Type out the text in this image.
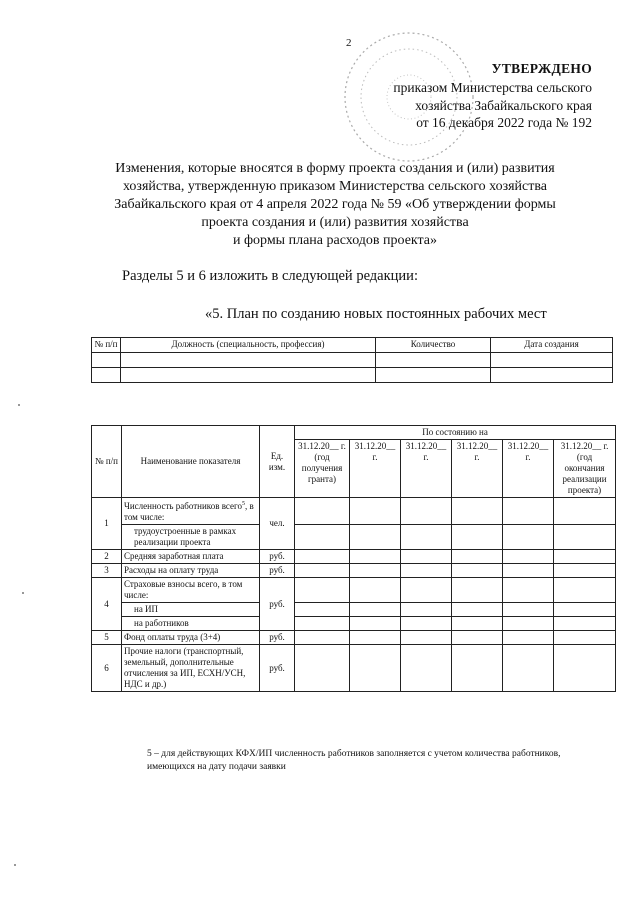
2
УТВЕРЖДЕНО
приказом Министерства сельского
хозяйства Забайкальского края
от 16 декабря 2022 года № 192
Изменения, которые вносятся в форму проекта создания и (или) развития
хозяйства, утвержденную приказом Министерства сельского хозяйства
Забайкальского края от 4 апреля 2022 года № 59 «Об утверждении формы
проекта создания и (или) развития хозяйства
и формы плана расходов проекта»
Разделы 5 и 6 изложить в следующей редакции:
«5. План по созданию новых постоянных рабочих мест
№ п/п	Должность (специальность, профессия)	Количество	Дата создания

№ п/п	Наименование показателя	Ед. изм.	По состоянию на					
			31.12.20__ г. (год получения гранта)	31.12.20__ г.	31.12.20__ г.	31.12.20__ г.	31.12.20__ г.	31.12.20__ г. (год окончания реализации проекта)
1	Численность работников всего$^5$, в том числе:	чел.						
	трудоустроенные в рамках реализации проекта							
2	Средняя заработная плата	руб.						
3	Расходы на оплату труда	руб.						
4	Страховые взносы всего, в том числе:	руб.						
	на ИП							
	на работников							
5	Фонд оплаты труда (3+4)	руб.						
6	Прочие налоги (транспортный, земельный, дополнительные отчисления за ИП, ЕСХН/УСН, НДС и др.)	руб.						
5 – для действующих КФХ/ИП численность работников заполняется с учетом количества работников, имеющихся на дату подачи заявки
